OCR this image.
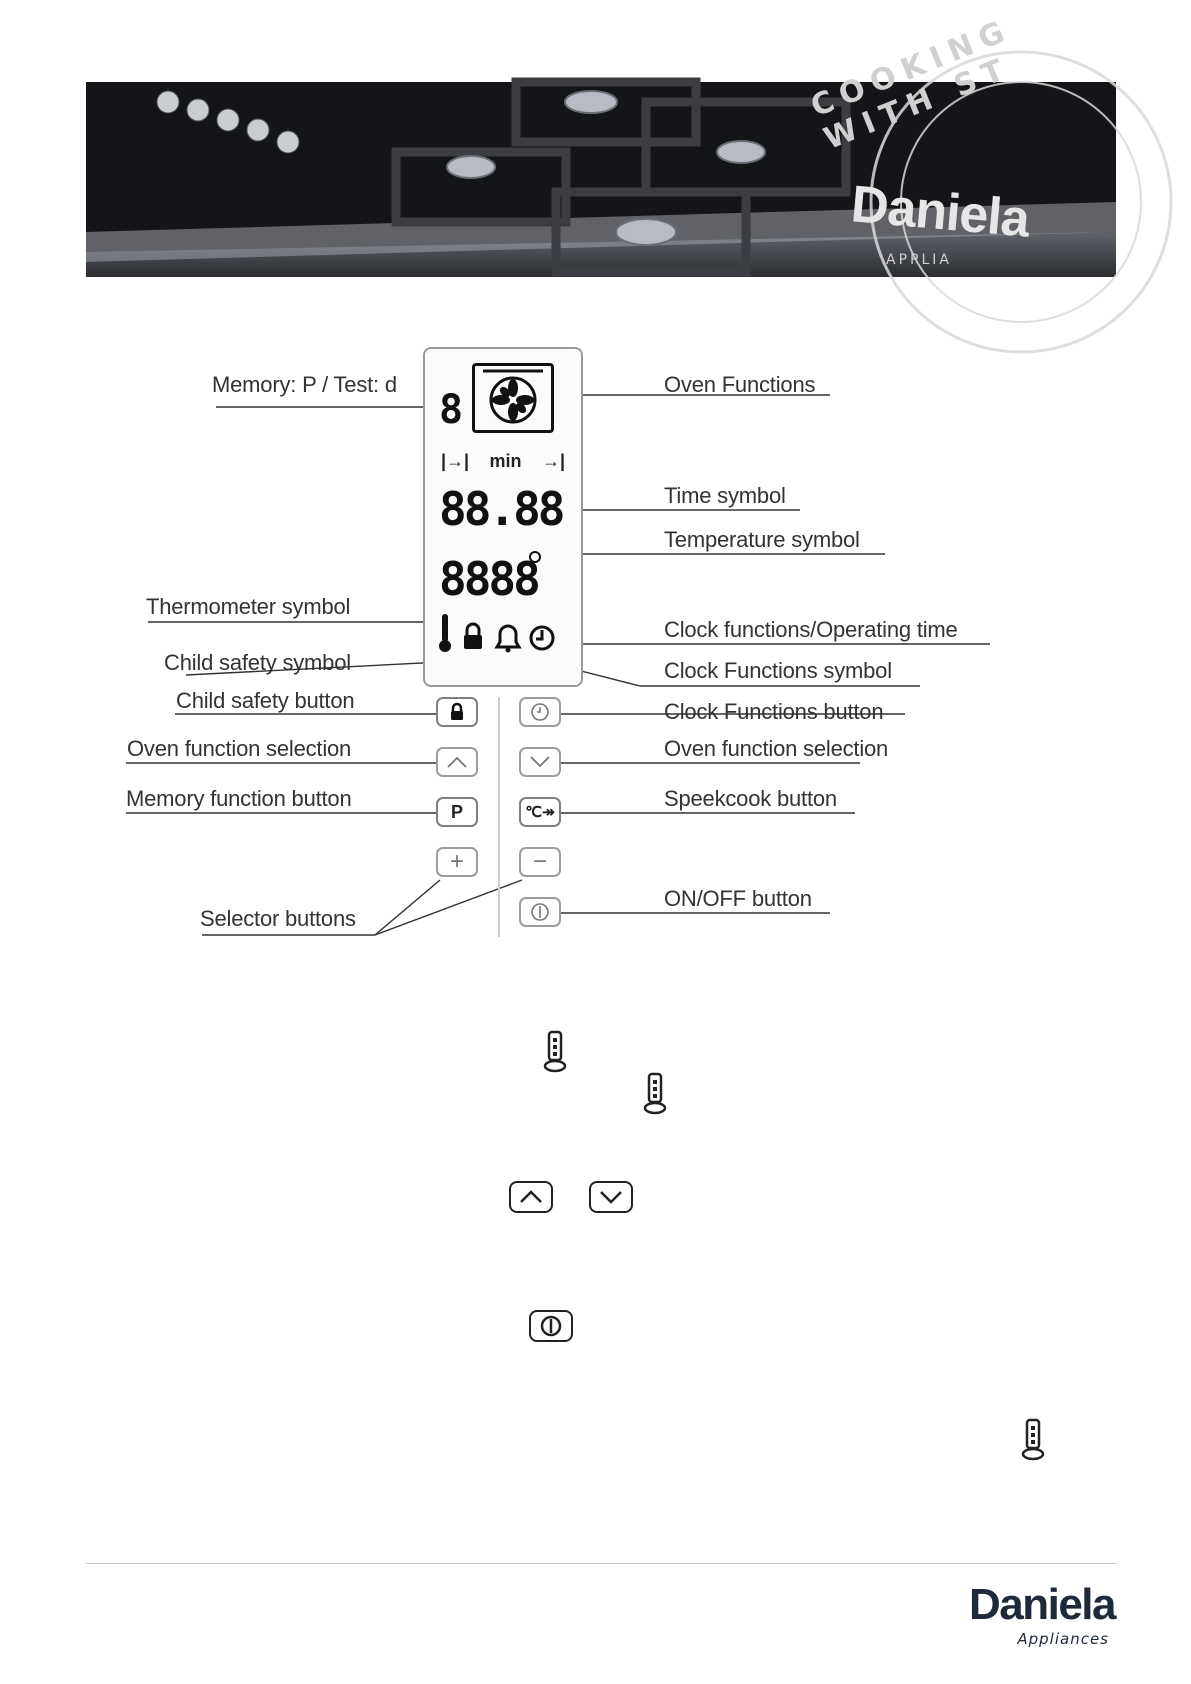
COOKING WITH ST
Daniela
APPLIA
8
|→| min →|
88.88
8888
P	℃↠
+	−
Memory: P / Test: d	Oven Functions
Time symbol
Temperature symbol
Thermometer symbol
Clock functions/Operating time
Child safety symbol	Clock Functions symbol
Child safety button	Clock Functions button
Oven function selection	Oven function selection
Memory function button	Speekcook button
Selector buttons
ON/OFF button
Daniela
Appliances
